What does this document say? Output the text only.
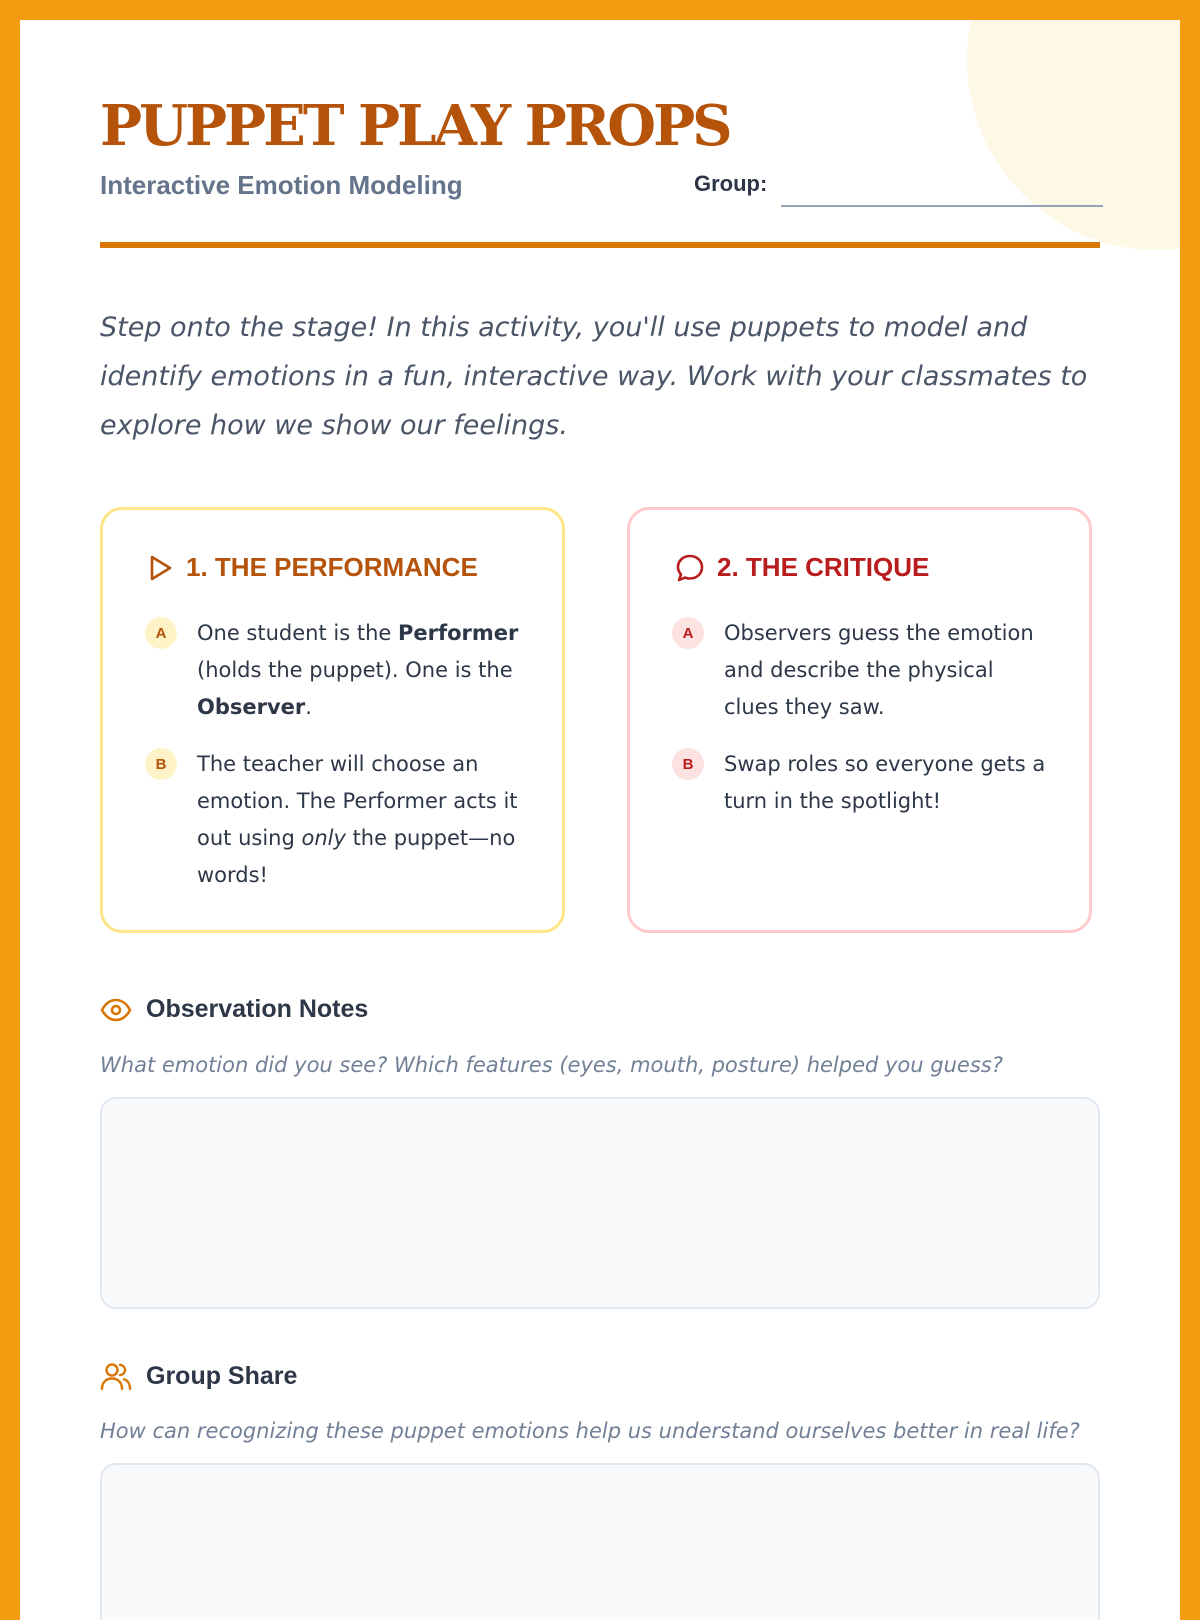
PUPPET PLAY PROPS
Interactive Emotion Modeling	Group:

Step onto the stage! In this activity, you'll use puppets to model and identify emotions in a fun, interactive way. Work with your classmates to explore how we show our feelings.

1. THE PERFORMANCE
A	One student is the Performer (holds the puppet). One is the Observer.
B	The teacher will choose an emotion. The Performer acts it out using only the puppet—no words!
2. THE CRITIQUE
A	Observers guess the emotion and describe the physical clues they saw.
B	Swap roles so everyone gets a turn in the spotlight!
Observation Notes

What emotion did you see? Which features (eyes, mouth, posture) helped you guess?

Group Share

How can recognizing these puppet emotions help us understand ourselves better in real life?
